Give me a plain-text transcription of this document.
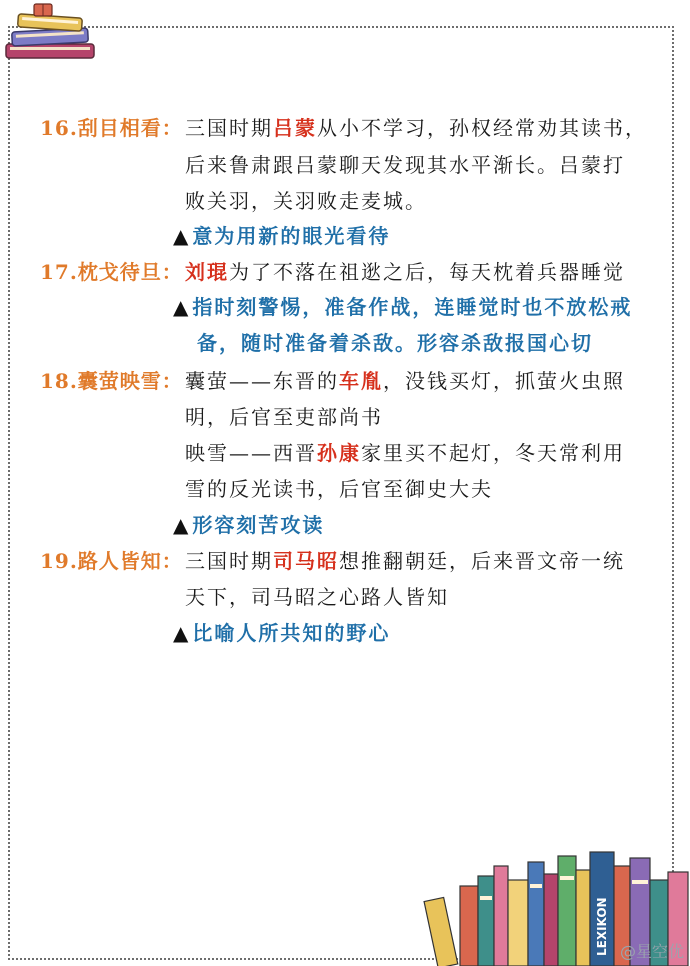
16.刮目相看： 三国时期吕蒙从小不学习，孙权经常劝其读书，
后来鲁肃跟吕蒙聊天发现其水平渐长。吕蒙打
败关羽，关羽败走麦城。
▲ 意为用新的眼光看待
17.枕戈待旦： 刘琨为了不落在祖逖之后，每天枕着兵器睡觉
▲ 指时刻警惕，准备作战，连睡觉时也不放松戒
备，随时准备着杀敌。形容杀敌报国心切
18.囊萤映雪： 囊萤——东晋的车胤，没钱买灯，抓萤火虫照
明，后官至吏部尚书
映雪——西晋孙康家里买不起灯，冬天常利用
雪的反光读书，后官至御史大夫
▲ 形容刻苦攻读
19.路人皆知： 三国时期司马昭想推翻朝廷，后来晋文帝一统
天下，司马昭之心路人皆知
▲ 比喻人所共知的野心
LEXIKON @星空优
